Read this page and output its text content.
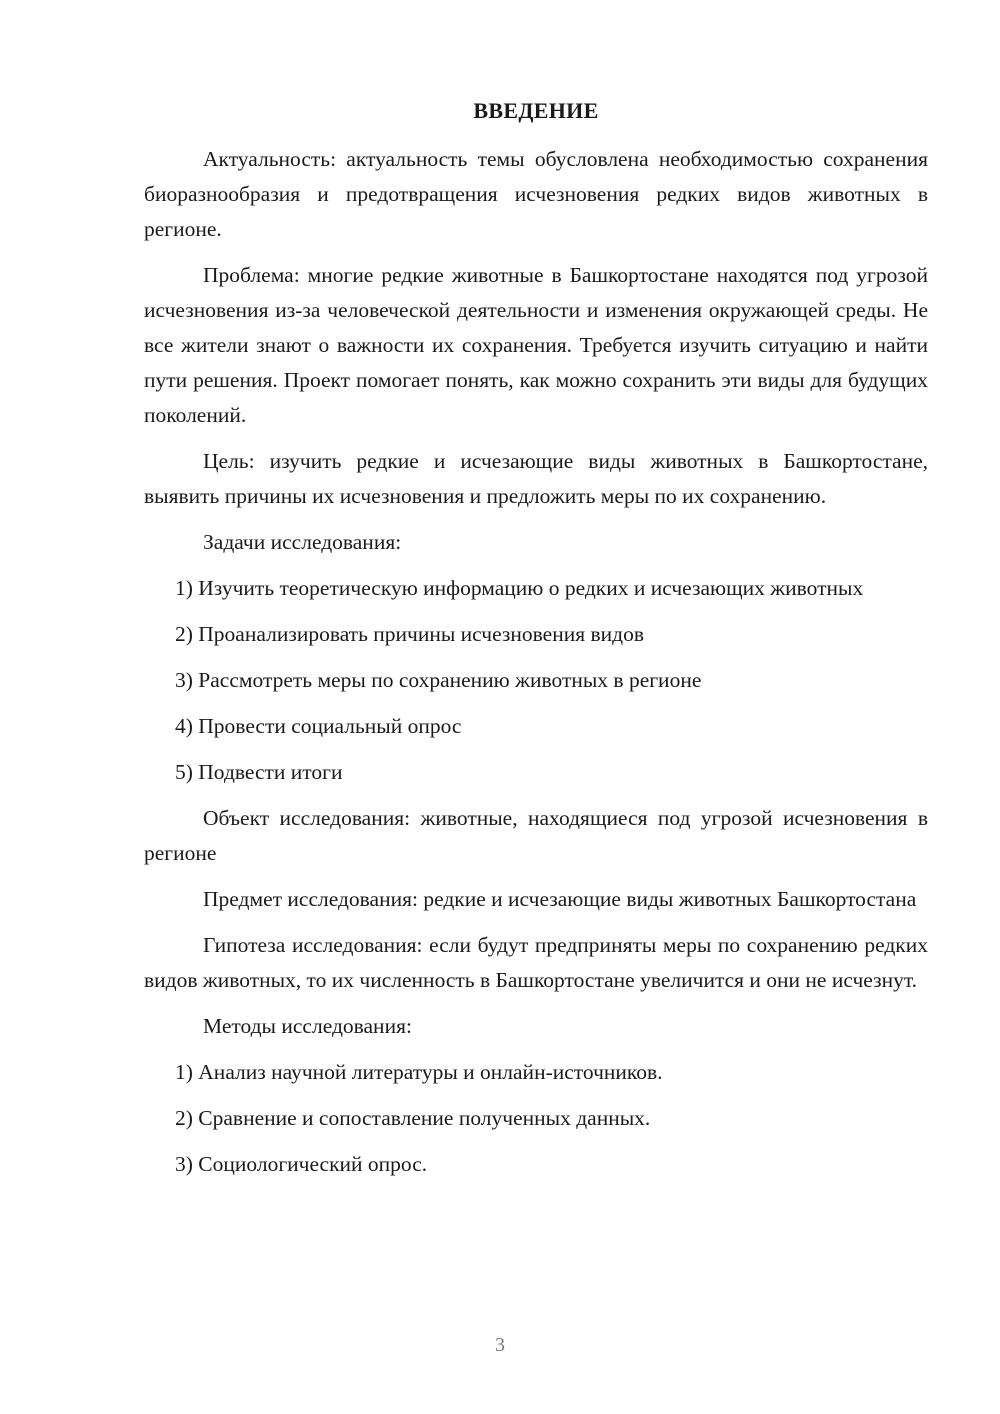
ВВЕДЕНИЕ

Актуальность: актуальность темы обусловлена необходимостью сохранения биоразнообразия и предотвращения исчезновения редких видов животных в регионе.

Проблема: многие редкие животные в Башкортостане находятся под угрозой исчезновения из-за человеческой деятельности и изменения окружающей среды. Не все жители знают о важности их сохранения. Требуется изучить ситуацию и найти пути решения. Проект помогает понять, как можно сохранить эти виды для будущих поколений.

Цель: изучить редкие и исчезающие виды животных в Башкортостане, выявить причины их исчезновения и предложить меры по их сохранению.

Задачи исследования:

1) Изучить теоретическую информацию о редких и исчезающих животных

2) Проанализировать причины исчезновения видов

3) Рассмотреть меры по сохранению животных в регионе

4) Провести социальный опрос

5) Подвести итоги

Объект исследования: животные, находящиеся под угрозой исчезновения в регионе

Предмет исследования: редкие и исчезающие виды животных Башкортостана

Гипотеза исследования: если будут предприняты меры по сохранению редких видов животных, то их численность в Башкортостане увеличится и они не исчезнут.

Методы исследования:

1) Анализ научной литературы и онлайн-источников.

2) Сравнение и сопоставление полученных данных.

3) Социологический опрос.

3
